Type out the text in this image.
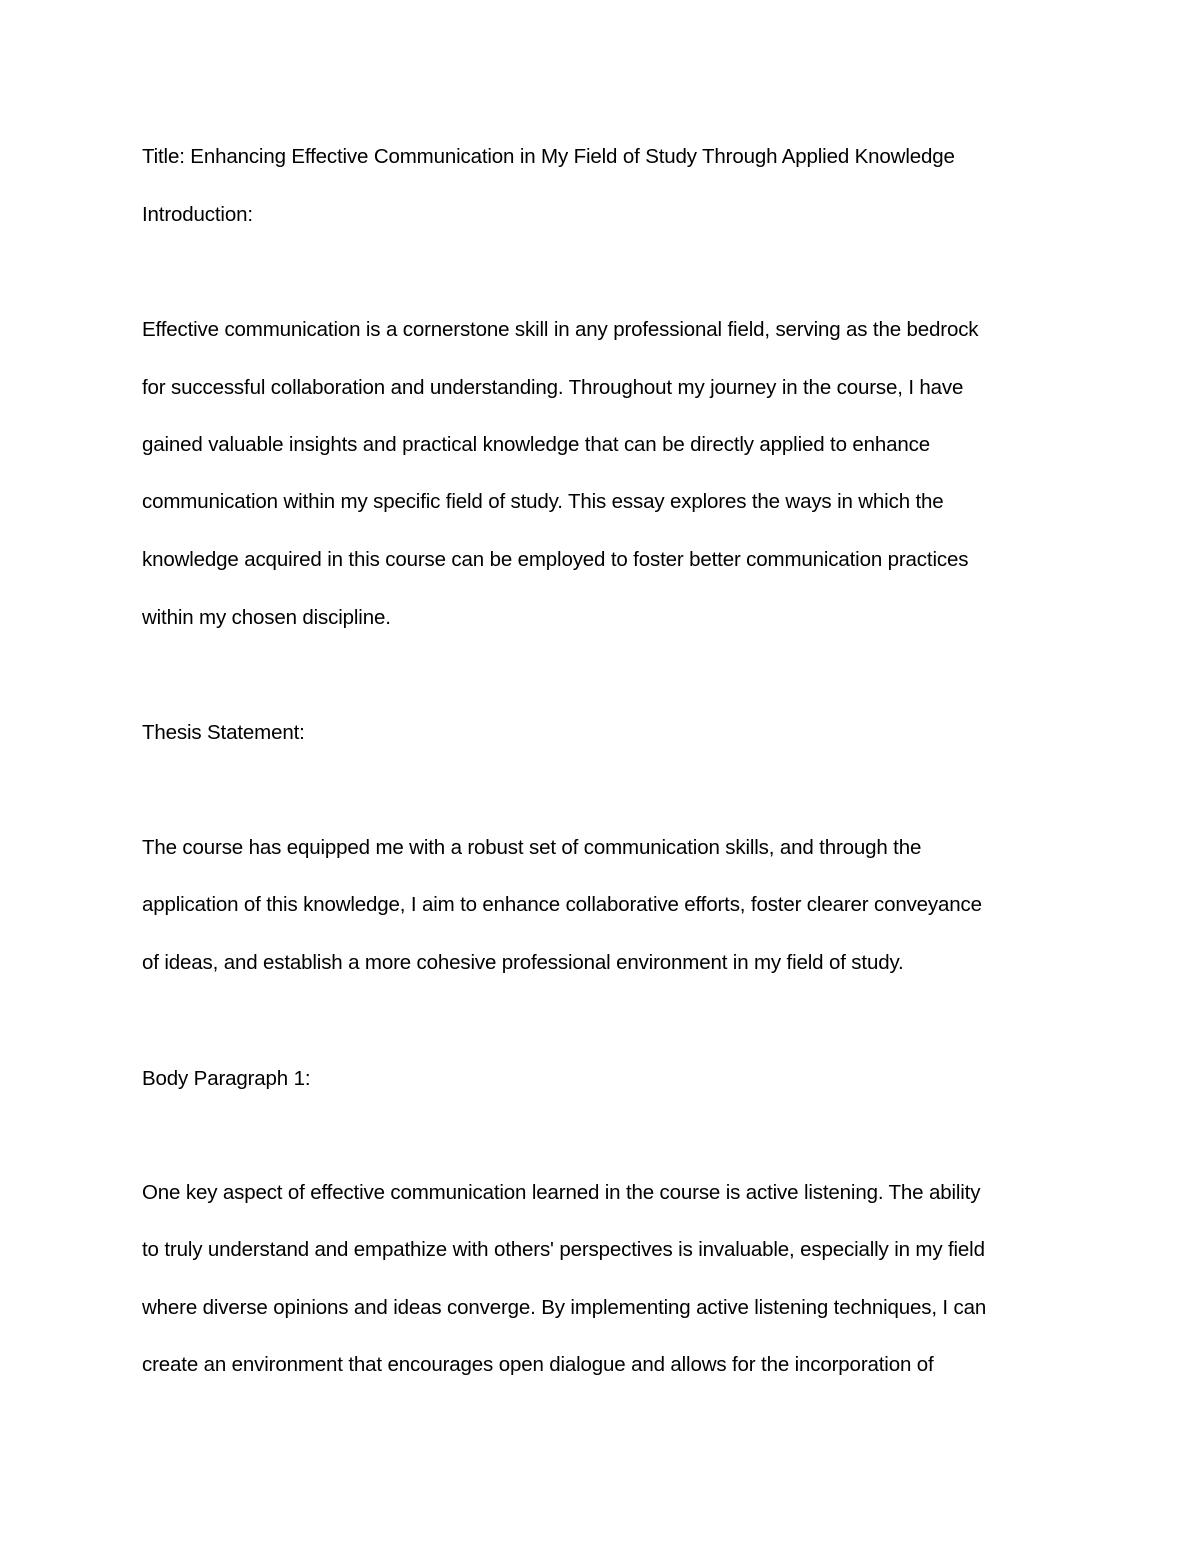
Title: Enhancing Effective Communication in My Field of Study Through Applied Knowledge
Introduction:
Effective communication is a cornerstone skill in any professional field, serving as the bedrock
for successful collaboration and understanding. Throughout my journey in the course, I have
gained valuable insights and practical knowledge that can be directly applied to enhance
communication within my specific field of study. This essay explores the ways in which the
knowledge acquired in this course can be employed to foster better communication practices
within my chosen discipline.
Thesis Statement:
The course has equipped me with a robust set of communication skills, and through the
application of this knowledge, I aim to enhance collaborative efforts, foster clearer conveyance
of ideas, and establish a more cohesive professional environment in my field of study.
Body Paragraph 1:
One key aspect of effective communication learned in the course is active listening. The ability
to truly understand and empathize with others' perspectives is invaluable, especially in my field
where diverse opinions and ideas converge. By implementing active listening techniques, I can
create an environment that encourages open dialogue and allows for the incorporation of
